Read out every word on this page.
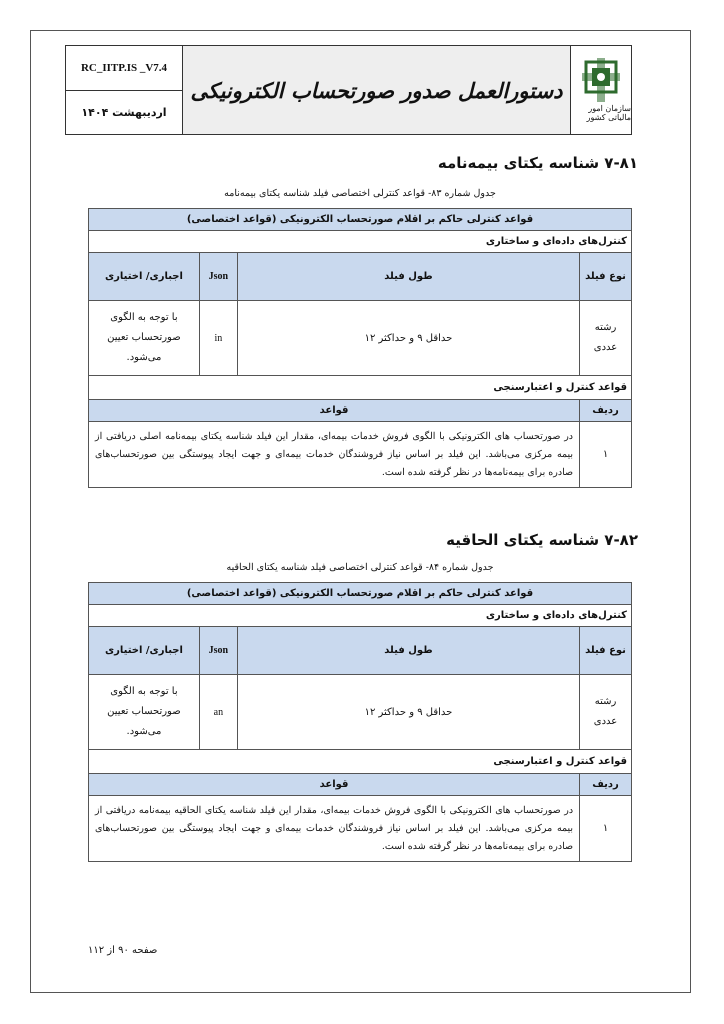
RC_IITP.IS _V7.4
اردیبهشت ۱۴۰۴
دستورالعمل صدور صورتحساب الکترونیکی
سازمان امور مالیاتی کشور
۷-۸۱ شناسه یکتای بیمه‌نامه
جدول شماره ۸۳- قواعد کنترلی اختصاصی فیلد شناسه یکتای بیمه‌نامه
قواعد کنترلی حاکم بر اقلام صورتحساب الکترونیکی (قواعد اختصاصی)			
کنترل‌های داده‌ای و ساختاری			
نوع فیلد	طول فیلد	Json	اجباری/ اختیاری
رشته عددی	حداقل ۹ و حداکثر ۱۲	in	با توجه به الگوی صورتحساب تعیین می‌شود.
قواعد کنترل و اعتبارسنجی			
ردیف	قواعد		
۱	در صورتحساب های الکترونیکی با الگوی فروش خدمات بیمه‌ای، مقدار این فیلد شناسه یکتای بیمه‌نامه اصلی دریافتی از بیمه مرکزی می‌باشد. این فیلد بر اساس نیاز فروشندگان خدمات بیمه‌ای و جهت ایجاد پیوستگی بین صورتحساب‌های صادره برای بیمه‌نامه‌ها در نظر گرفته شده است.		
۷-۸۲ شناسه یکتای الحاقیه
جدول شماره ۸۴- قواعد کنترلی اختصاصی فیلد شناسه یکتای الحاقیه
قواعد کنترلی حاکم بر اقلام صورتحساب الکترونیکی (قواعد اختصاصی)			
کنترل‌های داده‌ای و ساختاری			
نوع فیلد	طول فیلد	Json	اجباری/ اختیاری
رشته عددی	حداقل ۹ و حداکثر ۱۲	an	با توجه به الگوی صورتحساب تعیین می‌شود.
قواعد کنترل و اعتبارسنجی			
ردیف	قواعد		
۱	در صورتحساب های الکترونیکی با الگوی فروش خدمات بیمه‌ای، مقدار این فیلد شناسه یکتای الحاقیه بیمه‌نامه دریافتی از بیمه مرکزی می‌باشد. این فیلد بر اساس نیاز فروشندگان خدمات بیمه‌ای و جهت ایجاد پیوستگی بین صورتحساب‌های صادره برای بیمه‌نامه‌ها در نظر گرفته شده است.		
صفحه ۹۰ از ۱۱۲
